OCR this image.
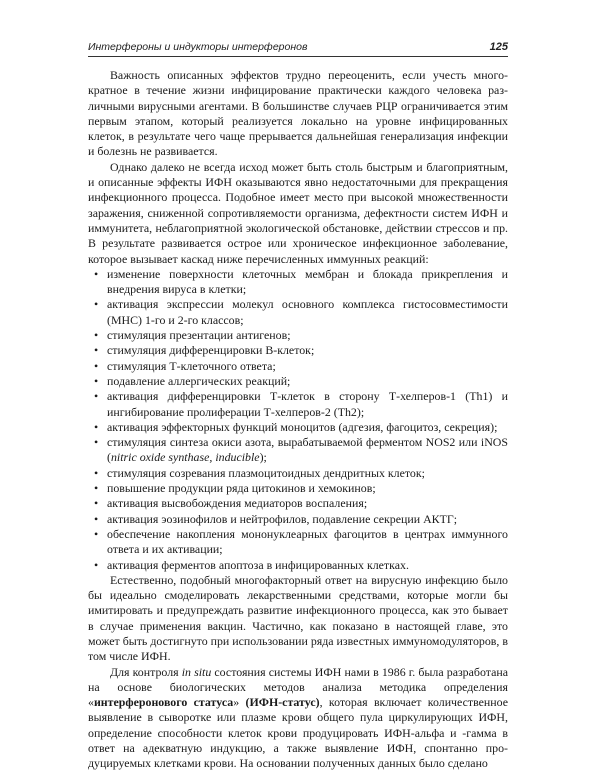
Интерфероны и индукторы интерферонов	125

Важность описанных эффектов трудно переоценить, если учесть многократное в течение жизни инфицирование практически каждого человека различными вирусными агентами. В большинстве случаев РЦР ограничивается этим первым этапом, который реализуется локально на уровне инфицированных клеток, в результате чего чаще прерывается дальнейшая генерализация инфекции и болезнь не развивается.

Однако далеко не всегда исход может быть столь быстрым и благоприятным, и описанные эффекты ИФН оказываются явно недостаточными для прекращения инфекционного процесса. Подобное имеет место при высокой множественности заражения, сниженной сопротивляемости организма, дефектности систем ИФН и иммунитета, неблагоприятной экологической обстановке, действии стрессов и пр. В результате развивается острое или хроническое инфекционное заболевание, которое вызывает каскад ниже перечисленных иммунных реакций:

• изменение поверхности клеточных мембран и блокада прикрепления и внедрения вируса в клетки;
• активация экспрессии молекул основного комплекса гистосовместимости (МНС) 1-го и 2-го классов;
• стимуляция презентации антигенов;
• стимуляция дифференцировки В-клеток;
• стимуляция Т-клеточного ответа;
• подавление аллергических реакций;
• активация дифференцировки Т-клеток в сторону Т-хелперов-1 (Th1) и ингибирование пролиферации Т-хелперов-2 (Th2);
• активация эффекторных функций моноцитов (адгезия, фагоцитоз, секреция);
• стимуляция синтеза окиси азота, вырабатываемой ферментом NOS2 или iNOS (nitric oxide synthase, inducible);
• стимуляция созревания плазмоцитоидных дендритных клеток;
• повышение продукции ряда цитокинов и хемокинов;
• активация высвобождения медиаторов воспаления;
• активация эозинофилов и нейтрофилов, подавление секреции АКТГ;
• обеспечение накопления мононуклеарных фагоцитов в центрах иммунного ответа и их активации;
• активация ферментов апоптоза в инфицированных клетках.

Естественно, подобный многофакторный ответ на вирусную инфекцию было бы идеально смоделировать лекарственными средствами, которые могли бы имитировать и предупреждать развитие инфекционного процесса, как это бывает в случае применения вакцин. Частично, как показано в настоящей главе, это может быть достигнуто при использовании ряда известных иммуномодуляторов, в том числе ИФН.

Для контроля in situ состояния системы ИФН нами в 1986 г. была разработана на основе биологических методов анализа методика определения «интерферонового статуса» (ИФН-статус), которая включает количественное выявление в сыворотке или плазме крови общего пула циркулирующих ИФН, определение способности клеток крови продуцировать ИФН-альфа и -гамма в ответ на адекватную индукцию, а также выявление ИФН, спонтанно продуцируемых клетками крови. На основании полученных данных было сделано
